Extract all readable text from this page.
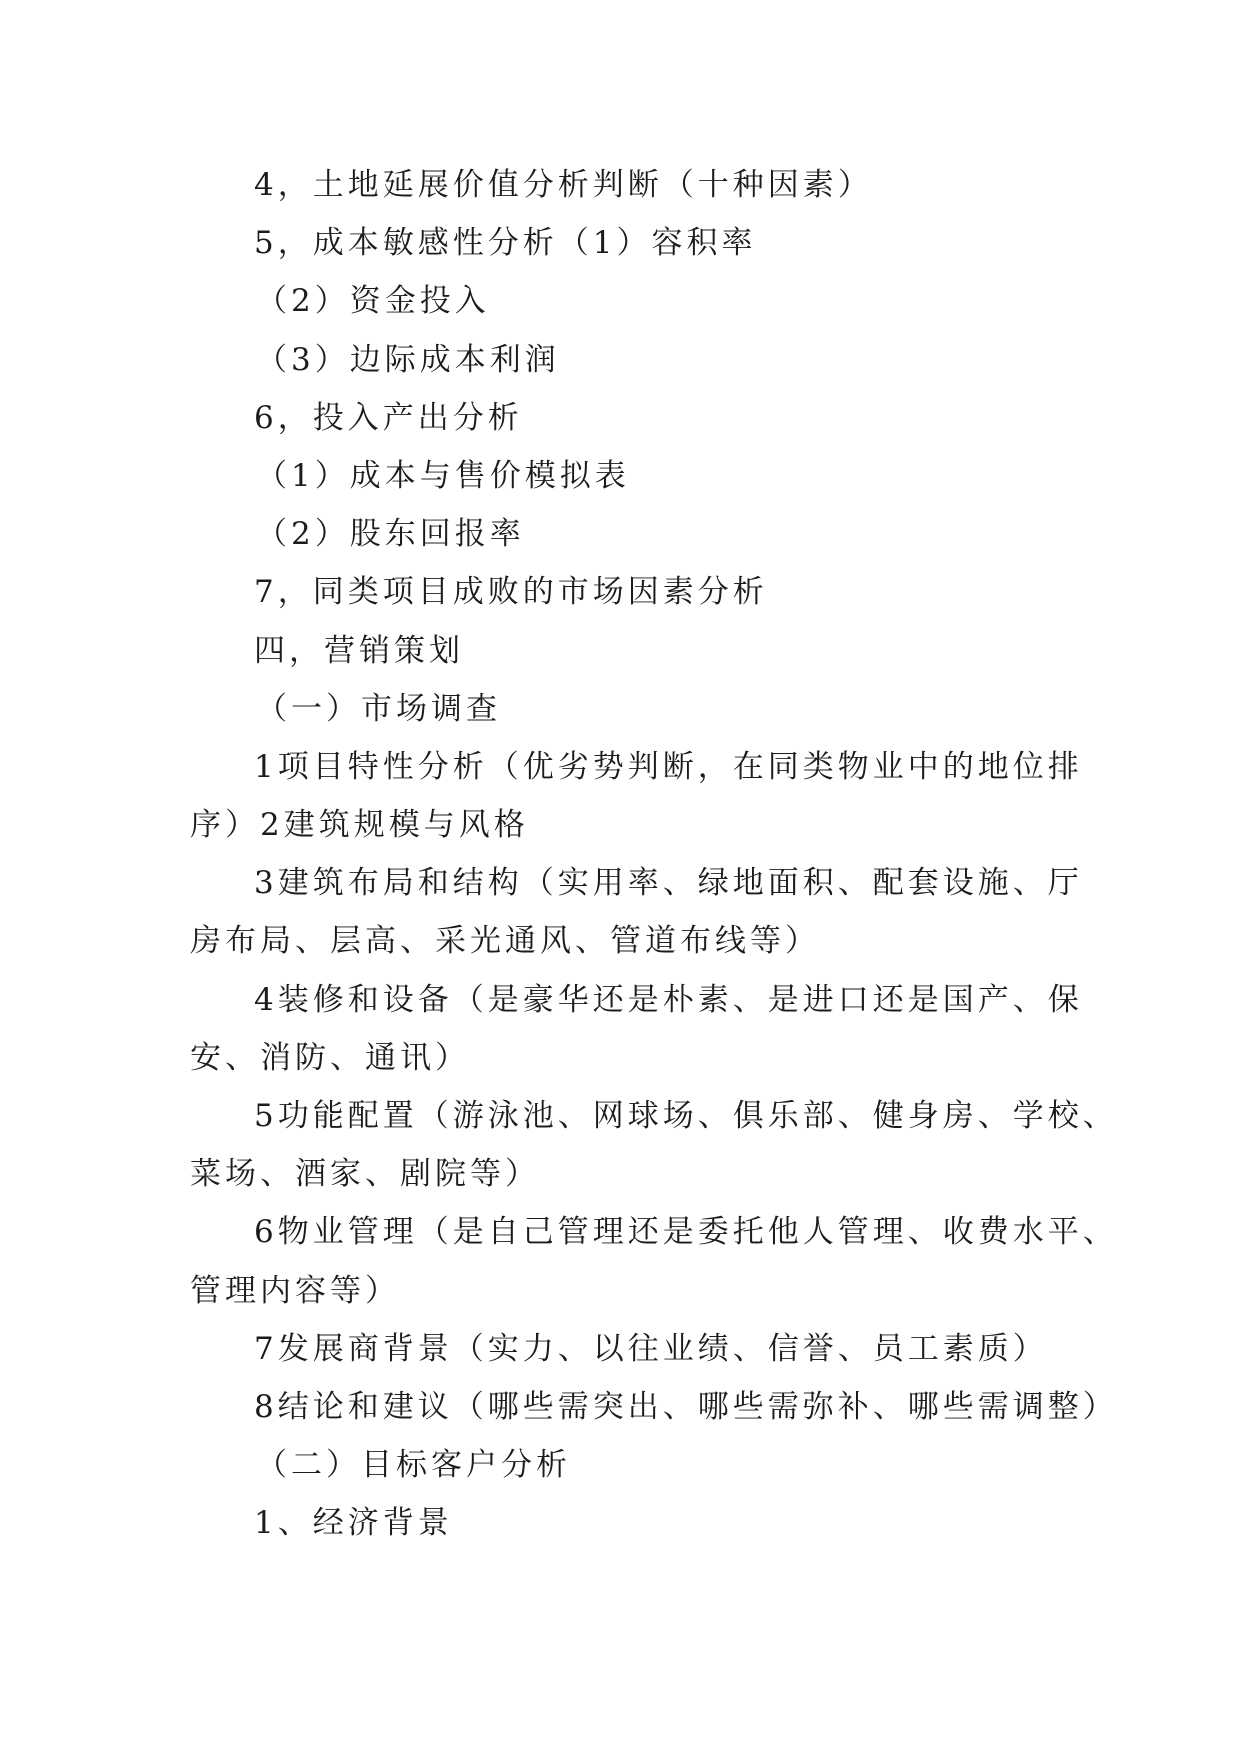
4，土地延展价值分析判断（十种因素）
5，成本敏感性分析（1）容积率
（2）资金投入
（3）边际成本利润
6，投入产出分析
（1）成本与售价模拟表
（2）股东回报率
7，同类项目成败的市场因素分析
四，营销策划
（一）市场调查
1项目特性分析（优劣势判断，在同类物业中的地位排
序）2建筑规模与风格
3建筑布局和结构（实用率、绿地面积、配套设施、厅
房布局、层高、采光通风、管道布线等）
4装修和设备（是豪华还是朴素、是进口还是国产、保
安、消防、通讯）
5功能配置（游泳池、网球场、俱乐部、健身房、学校、
菜场、酒家、剧院等）
6物业管理（是自己管理还是委托他人管理、收费水平、
管理内容等）
7发展商背景（实力、以往业绩、信誉、员工素质）
8结论和建议（哪些需突出、哪些需弥补、哪些需调整）
（二）目标客户分析
1、经济背景
